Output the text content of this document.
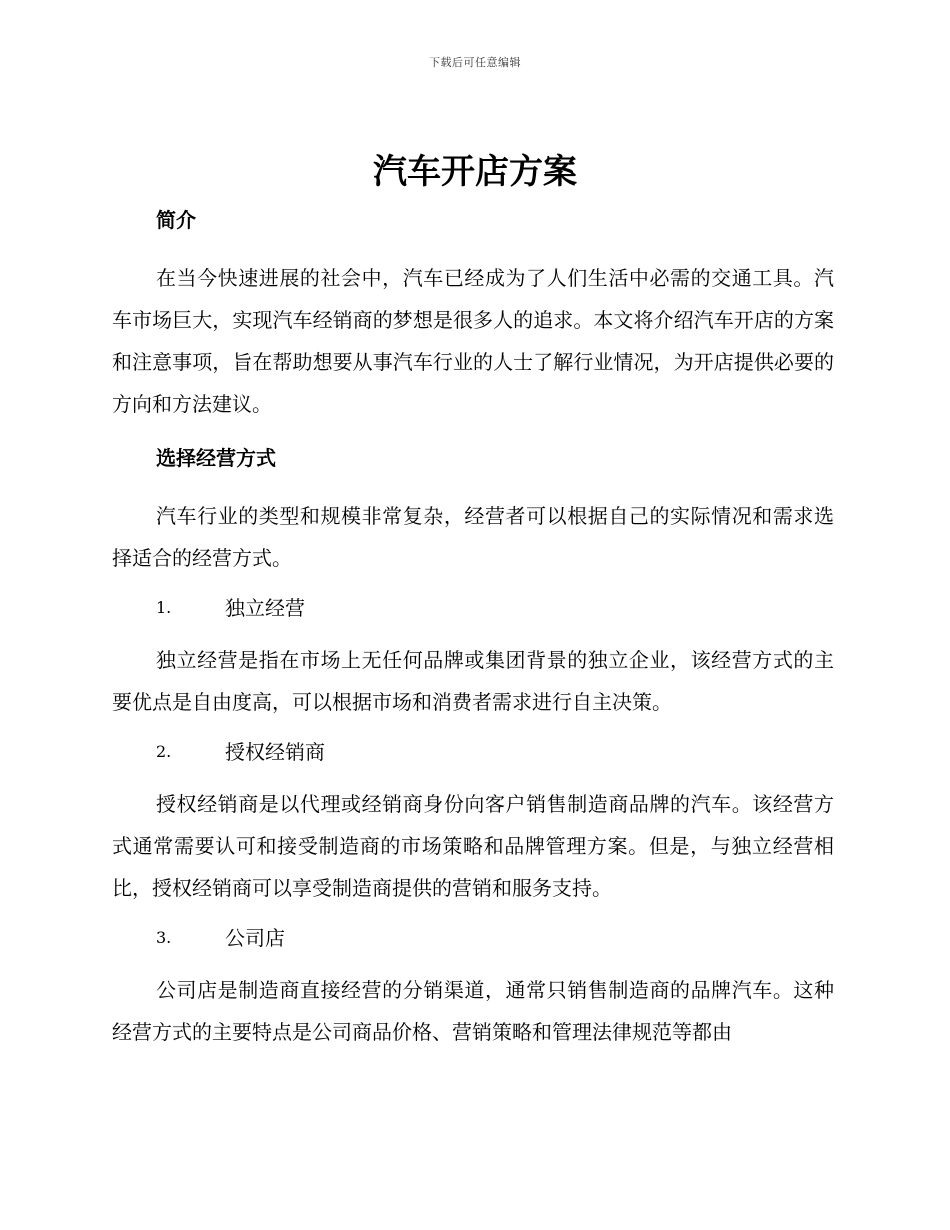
下载后可任意编辑
汽车开店方案
简介
在当今快速进展的社会中，汽车已经成为了人们生活中必需的交通工具。汽车市场巨大，实现汽车经销商的梦想是很多人的追求。本文将介绍汽车开店的方案和注意事项，旨在帮助想要从事汽车行业的人士了解行业情况，为开店提供必要的方向和方法建议。
选择经营方式
汽车行业的类型和规模非常复杂，经营者可以根据自己的实际情况和需求选择适合的经营方式。
1.	独立经营
独立经营是指在市场上无任何品牌或集团背景的独立企业，该经营方式的主要优点是自由度高，可以根据市场和消费者需求进行自主决策。
2.	授权经销商
授权经销商是以代理或经销商身份向客户销售制造商品牌的汽车。该经营方式通常需要认可和接受制造商的市场策略和品牌管理方案。但是，与独立经营相比，授权经销商可以享受制造商提供的营销和服务支持。
3.	公司店
公司店是制造商直接经营的分销渠道，通常只销售制造商的品牌汽车。这种经营方式的主要特点是公司商品价格、营销策略和管理法律规范等都由
